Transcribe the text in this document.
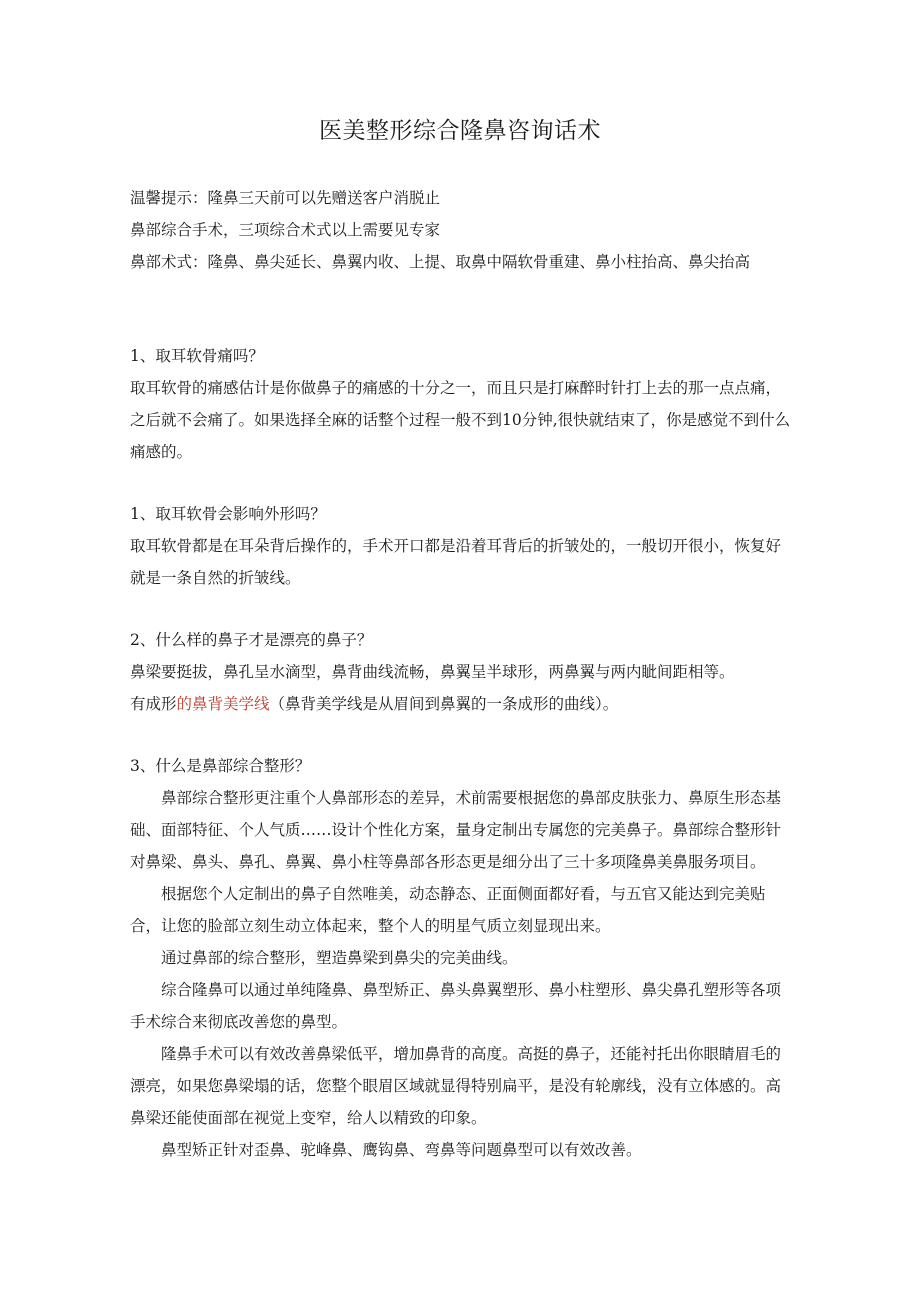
医美整形综合隆鼻咨询话术

温馨提示：隆鼻三天前可以先赠送客户消脱止

鼻部综合手术，三项综合术式以上需要见专家

鼻部术式：隆鼻、鼻尖延长、鼻翼内收、上提、取鼻中隔软骨重建、鼻小柱抬高、鼻尖抬高

1、取耳软骨痛吗？

取耳软骨的痛感估计是你做鼻子的痛感的十分之一，而且只是打麻醉时针打上去的那一点点痛，之后就不会痛了。如果选择全麻的话整个过程一般不到10分钟,很快就结束了，你是感觉不到什么痛感的。

1、取耳软骨会影响外形吗？

取耳软骨都是在耳朵背后操作的，手术开口都是沿着耳背后的折皱处的，一般切开很小，恢复好就是一条自然的折皱线。

2、什么样的鼻子才是漂亮的鼻子？

鼻梁要挺拔，鼻孔呈水滴型，鼻背曲线流畅，鼻翼呈半球形，两鼻翼与两内眦间距相等。

有成形的鼻背美学线（鼻背美学线是从眉间到鼻翼的一条成形的曲线）。

3、什么是鼻部综合整形？

鼻部综合整形更注重个人鼻部形态的差异，术前需要根据您的鼻部皮肤张力、鼻原生形态基础、面部特征、个人气质……设计个性化方案，量身定制出专属您的完美鼻子。鼻部综合整形针对鼻梁、鼻头、鼻孔、鼻翼、鼻小柱等鼻部各形态更是细分出了三十多项隆鼻美鼻服务项目。

根据您个人定制出的鼻子自然唯美，动态静态、正面侧面都好看，与五官又能达到完美贴合，让您的脸部立刻生动立体起来，整个人的明星气质立刻显现出来。

通过鼻部的综合整形，塑造鼻梁到鼻尖的完美曲线。

综合隆鼻可以通过单纯隆鼻、鼻型矫正、鼻头鼻翼塑形、鼻小柱塑形、鼻尖鼻孔塑形等各项手术综合来彻底改善您的鼻型。

隆鼻手术可以有效改善鼻梁低平，增加鼻背的高度。高挺的鼻子，还能衬托出你眼睛眉毛的漂亮，如果您鼻梁塌的话，您整个眼眉区域就显得特别扁平，是没有轮廓线，没有立体感的。高鼻梁还能使面部在视觉上变窄，给人以精致的印象。

鼻型矫正针对歪鼻、驼峰鼻、鹰钩鼻、弯鼻等问题鼻型可以有效改善。
